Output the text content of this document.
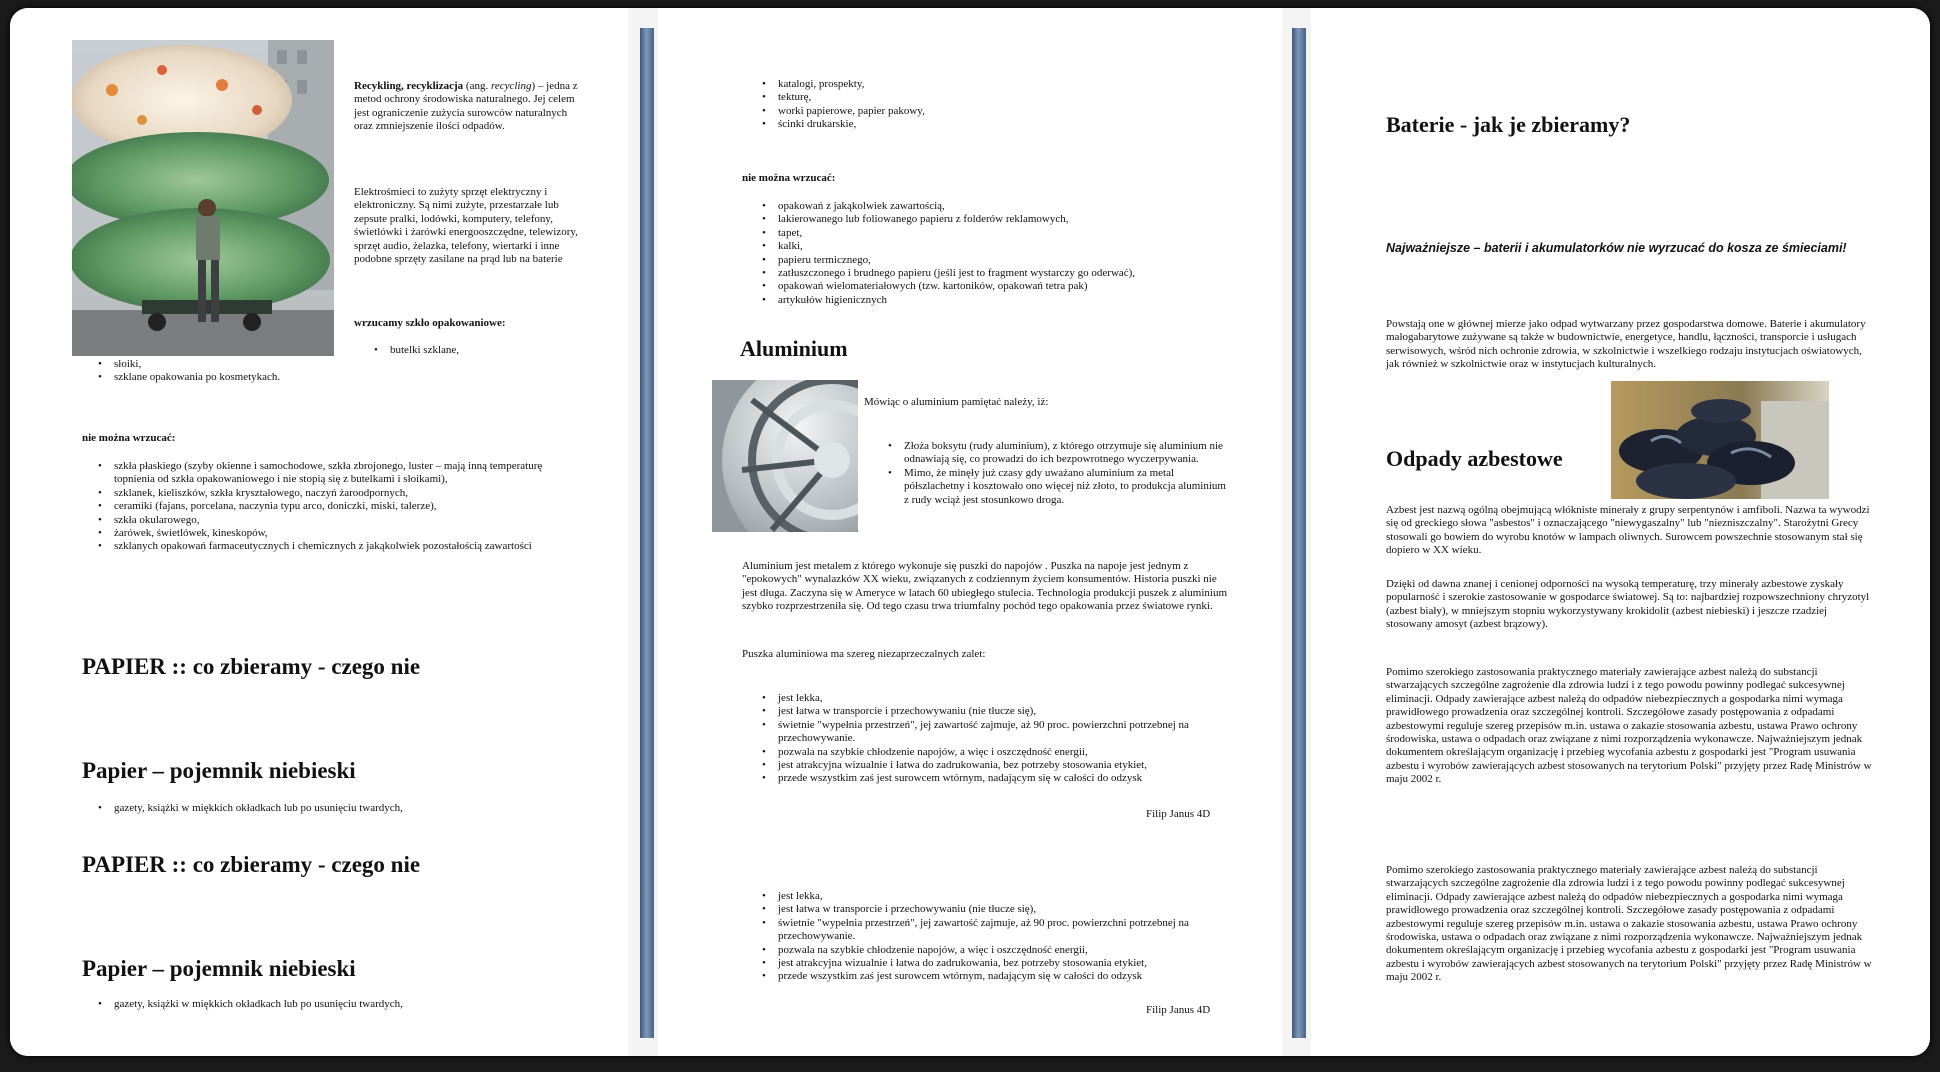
Recykling, recyklizacja (ang. recycling) – jedna z metod ochrony środowiska naturalnego. Jej celem jest ograniczenie zużycia surowców naturalnych oraz zmniejszenie ilości odpadów.

Elektrośmieci to zużyty sprzęt elektryczny i elektroniczny. Są nimi zużyte, przestarzałe lub zepsute pralki, lodówki, komputery, telefony, świetlówki i żarówki energooszczędne, telewizory, sprzęt audio, żelazka, telefony, wiertarki i inne podobne sprzęty zasilane na prąd lub na baterie

wrzucamy szkło opakowaniowe:
• butelki szklane,
• słoiki,
• szklane opakowania po kosmetykach.
nie można wrzucać:
• szkła płaskiego (szyby okienne i samochodowe, szkła zbrojonego, luster – mają inną temperaturę topnienia od szkła opakowaniowego i nie stopią się z butelkami i słoikami),
• szklanek, kieliszków, szkła kryształowego, naczyń żaroodpornych,
• ceramiki (fajans, porcelana, naczynia typu arco, doniczki, miski, talerze),
• szkła okularowego,
• żarówek, świetlówek, kineskopów,
• szklanych opakowań farmaceutycznych i chemicznych z jakąkolwiek pozostałością zawartości
PAPIER :: co zbieramy - czego nie
Papier – pojemnik niebieski
• gazety, książki w miękkich okładkach lub po usunięciu twardych,
PAPIER :: co zbieramy - czego nie
Papier – pojemnik niebieski
• gazety, książki w miękkich okładkach lub po usunięciu twardych,
• katalogi, prospekty,
• tekturę,
• worki papierowe, papier pakowy,
• ścinki drukarskie,
nie można wrzucać:
• opakowań z jakąkolwiek zawartością,
• lakierowanego lub foliowanego papieru z folderów reklamowych,
• tapet,
• kalki,
• papieru termicznego,
• zatłuszczonego i brudnego papieru (jeśli jest to fragment wystarczy go oderwać),
• opakowań wielomateriałowych (tzw. kartoników, opakowań tetra pak)
• artykułów higienicznych
Aluminium
Mówiąc o aluminium pamiętać należy, iż:
• Złoża boksytu (rudy aluminium), z którego otrzymuje się aluminium nie odnawiają się, co prowadzi do ich bezpowrotnego wyczerpywania.
• Mimo, że minęły już czasy gdy uważano aluminium za metal półszlachetny i kosztowało ono więcej niż złoto, to produkcja aluminium z rudy wciąż jest stosunkowo droga.
Aluminium jest metalem z którego wykonuje się puszki do napojów . Puszka na napoje jest jednym z "epokowych" wynalazków XX wieku, związanych z codziennym życiem konsumentów. Historia puszki nie jest długa. Zaczyna się w Ameryce w latach 60 ubiegłego stulecia. Technologia produkcji puszek z aluminium szybko rozprzestrzeniła się. Od tego czasu trwa triumfalny pochód tego opakowania przez światowe rynki.
Puszka aluminiowa ma szereg niezaprzeczalnych zalet:
• jest lekka,
• jest łatwa w transporcie i przechowywaniu (nie tłucze się),
• świetnie "wypełnia przestrzeń", jej zawartość zajmuje, aż 90 proc. powierzchni potrzebnej na przechowywanie.
• pozwala na szybkie chłodzenie napojów, a więc i oszczędność energii,
• jest atrakcyjna wizualnie i łatwa do zadrukowania, bez potrzeby stosowania etykiet,
• przede wszystkim zaś jest surowcem wtórnym, nadającym się w całości do odzysk
Filip Janus 4D
• jest lekka,
• jest łatwa w transporcie i przechowywaniu (nie tłucze się),
• świetnie "wypełnia przestrzeń", jej zawartość zajmuje, aż 90 proc. powierzchni potrzebnej na przechowywanie.
• pozwala na szybkie chłodzenie napojów, a więc i oszczędność energii,
• jest atrakcyjna wizualnie i łatwa do zadrukowania, bez potrzeby stosowania etykiet,
• przede wszystkim zaś jest surowcem wtórnym, nadającym się w całości do odzysk
Filip Janus 4D
Baterie - jak je zbieramy?
Najważniejsze – baterii i akumulatorków nie wyrzucać do kosza ze śmieciami!
Powstają one w głównej mierze jako odpad wytwarzany przez gospodarstwa domowe. Baterie i akumulatory małogabarytowe zużywane są także w budownictwie, energetyce, handlu, łączności, transporcie i usługach serwisowych, wśród nich ochronie zdrowia, w szkolnictwie i wszelkiego rodzaju instytucjach oświatowych, jak również w szkolnictwie oraz w instytucjach kulturalnych.
Odpady azbestowe
Azbest jest nazwą ogólną obejmującą włókniste minerały z grupy serpentynów i amfiboli. Nazwa ta wywodzi się od greckiego słowa "asbestos" i oznaczającego "niewygaszalny" lub "niezniszczalny". Starożytni Grecy stosowali go bowiem do wyrobu knotów w lampach oliwnych. Surowcem powszechnie stosowanym stał się dopiero w XX wieku.
Dzięki od dawna znanej i cenionej odporności na wysoką temperaturę, trzy minerały azbestowe zyskały popularność i szerokie zastosowanie w gospodarce światowej. Są to: najbardziej rozpowszechniony chryzotyl (azbest biały), w mniejszym stopniu wykorzystywany krokidolit (azbest niebieski) i jeszcze rzadziej stosowany amosyt (azbest brązowy).
Pomimo szerokiego zastosowania praktycznego materiały zawierające azbest należą do substancji stwarzających szczególne zagrożenie dla zdrowia ludzi i z tego powodu powinny podlegać sukcesywnej eliminacji. Odpady zawierające azbest należą do odpadów niebezpiecznych a gospodarka nimi wymaga prawidłowego prowadzenia oraz szczególnej kontroli. Szczegółowe zasady postępowania z odpadami azbestowymi reguluje szereg przepisów m.in. ustawa o zakazie stosowania azbestu, ustawa Prawo ochrony środowiska, ustawa o odpadach oraz związane z nimi rozporządzenia wykonawcze. Najważniejszym jednak dokumentem określającym organizację i przebieg wycofania azbestu z gospodarki jest "Program usuwania azbestu i wyrobów zawierających azbest stosowanych na terytorium Polski" przyjęty przez Radę Ministrów w maju 2002 r.
Pomimo szerokiego zastosowania praktycznego materiały zawierające azbest należą do substancji stwarzających szczególne zagrożenie dla zdrowia ludzi i z tego powodu powinny podlegać sukcesywnej eliminacji. Odpady zawierające azbest należą do odpadów niebezpiecznych a gospodarka nimi wymaga prawidłowego prowadzenia oraz szczególnej kontroli. Szczegółowe zasady postępowania z odpadami azbestowymi reguluje szereg przepisów m.in. ustawa o zakazie stosowania azbestu, ustawa Prawo ochrony środowiska, ustawa o odpadach oraz związane z nimi rozporządzenia wykonawcze. Najważniejszym jednak dokumentem określającym organizację i przebieg wycofania azbestu z gospodarki jest "Program usuwania azbestu i wyrobów zawierających azbest stosowanych na terytorium Polski" przyjęty przez Radę Ministrów w maju 2002 r.
